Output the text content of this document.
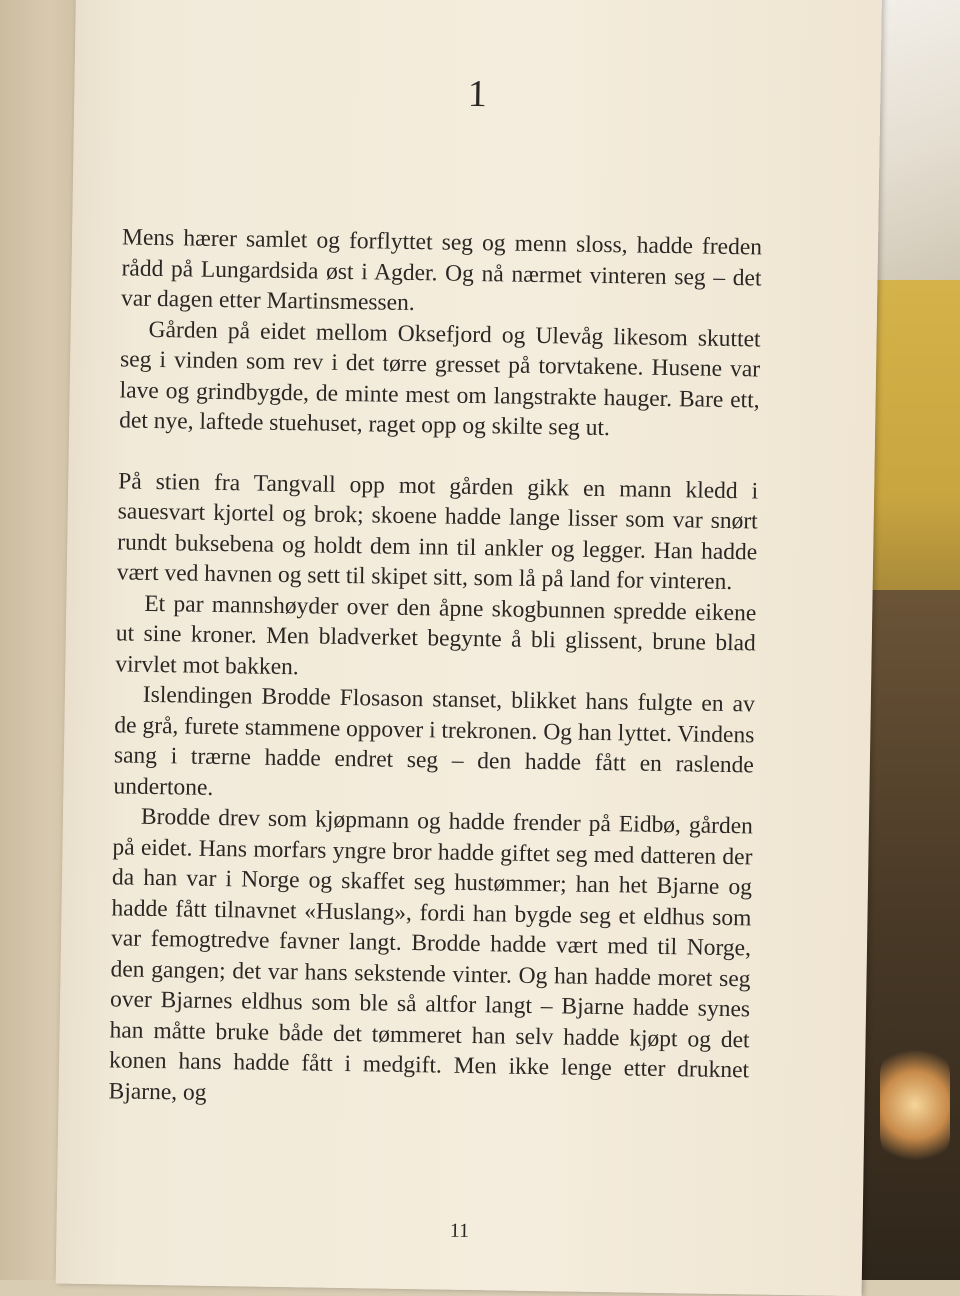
1

Mens hærer samlet og forflyttet seg og menn sloss, hadde freden rådd på Lungardsida øst i Agder. Og nå nærmet vinteren seg – det var dagen etter Martinsmessen.

Gården på eidet mellom Oksefjord og Ulevåg likesom skuttet seg i vinden som rev i det tørre gresset på torvtakene. Husene var lave og grindbygde, de minte mest om langstrakte hauger. Bare ett, det nye, laftede stuehuset, raget opp og skilte seg ut.

På stien fra Tangvall opp mot gården gikk en mann kledd i sauesvart kjortel og brok; skoene hadde lange lisser som var snørt rundt buksebena og holdt dem inn til ankler og legger. Han hadde vært ved havnen og sett til skipet sitt, som lå på land for vinteren.

Et par mannshøyder over den åpne skogbunnen spredde eikene ut sine kroner. Men bladverket begynte å bli glissent, brune blad virvlet mot bakken.

Islendingen Brodde Flosason stanset, blikket hans fulgte en av de grå, furete stammene oppover i trekronen. Og han lyttet. Vindens sang i trærne hadde endret seg – den hadde fått en raslende undertone.

Brodde drev som kjøpmann og hadde frender på Eidbø, gården på eidet. Hans morfars yngre bror hadde giftet seg med datteren der da han var i Norge og skaffet seg hustømmer; han het Bjarne og hadde fått tilnavnet «Huslang», fordi han bygde seg et eldhus som var femogtredve favner langt. Brodde hadde vært med til Norge, den gangen; det var hans sekstende vinter. Og han hadde moret seg over Bjarnes eldhus som ble så altfor langt – Bjarne hadde synes han måtte bruke både det tømmeret han selv hadde kjøpt og det konen hans hadde fått i medgift. Men ikke lenge etter druknet Bjarne, og

11
